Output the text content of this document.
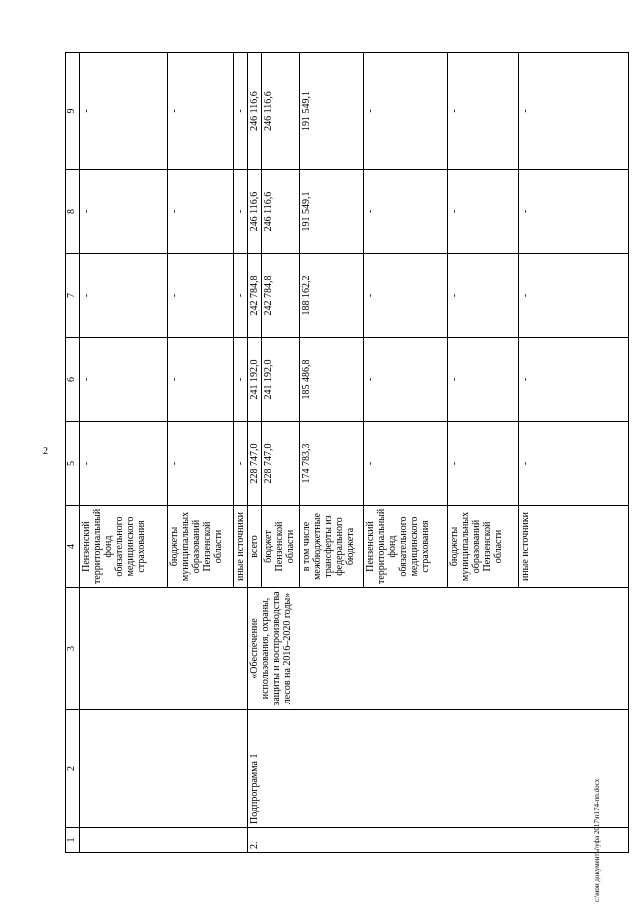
2
1	2	3	4	5	6	7	8	9
			Пензенский территориальный фонд обязательного медицинского страхования	-	-	-	-	-
			бюджеты муниципальных образований Пензенской области	-	-	-	-	-
			иные источники	-	-	-	-	-
2.	Подпрограмма 1	«Обеспечение использования, охраны, защиты и воспроизводства лесов на 2016–2020 годы»	всего	228 747,0	241 192,0	242 784,8	246 116,6	246 116,6
			бюджет Пензенской области	228 747,0	241 192,0	242 784,8	246 116,6	246 116,6
			в том числе межбюджетные трансферты из федерального бюджета	174 783,3	185 486,8	188 162,2	191 549,1	191 549,1
			Пензенский территориальный фонд обязательного медицинского страхования	-	-	-	-	-
			бюджеты муниципальных образований Пензенской области	-	-	-	-	-
			иные источники	-	-	-	-	-
c:\мои документы\уфа 2017\п174-пп.docx
